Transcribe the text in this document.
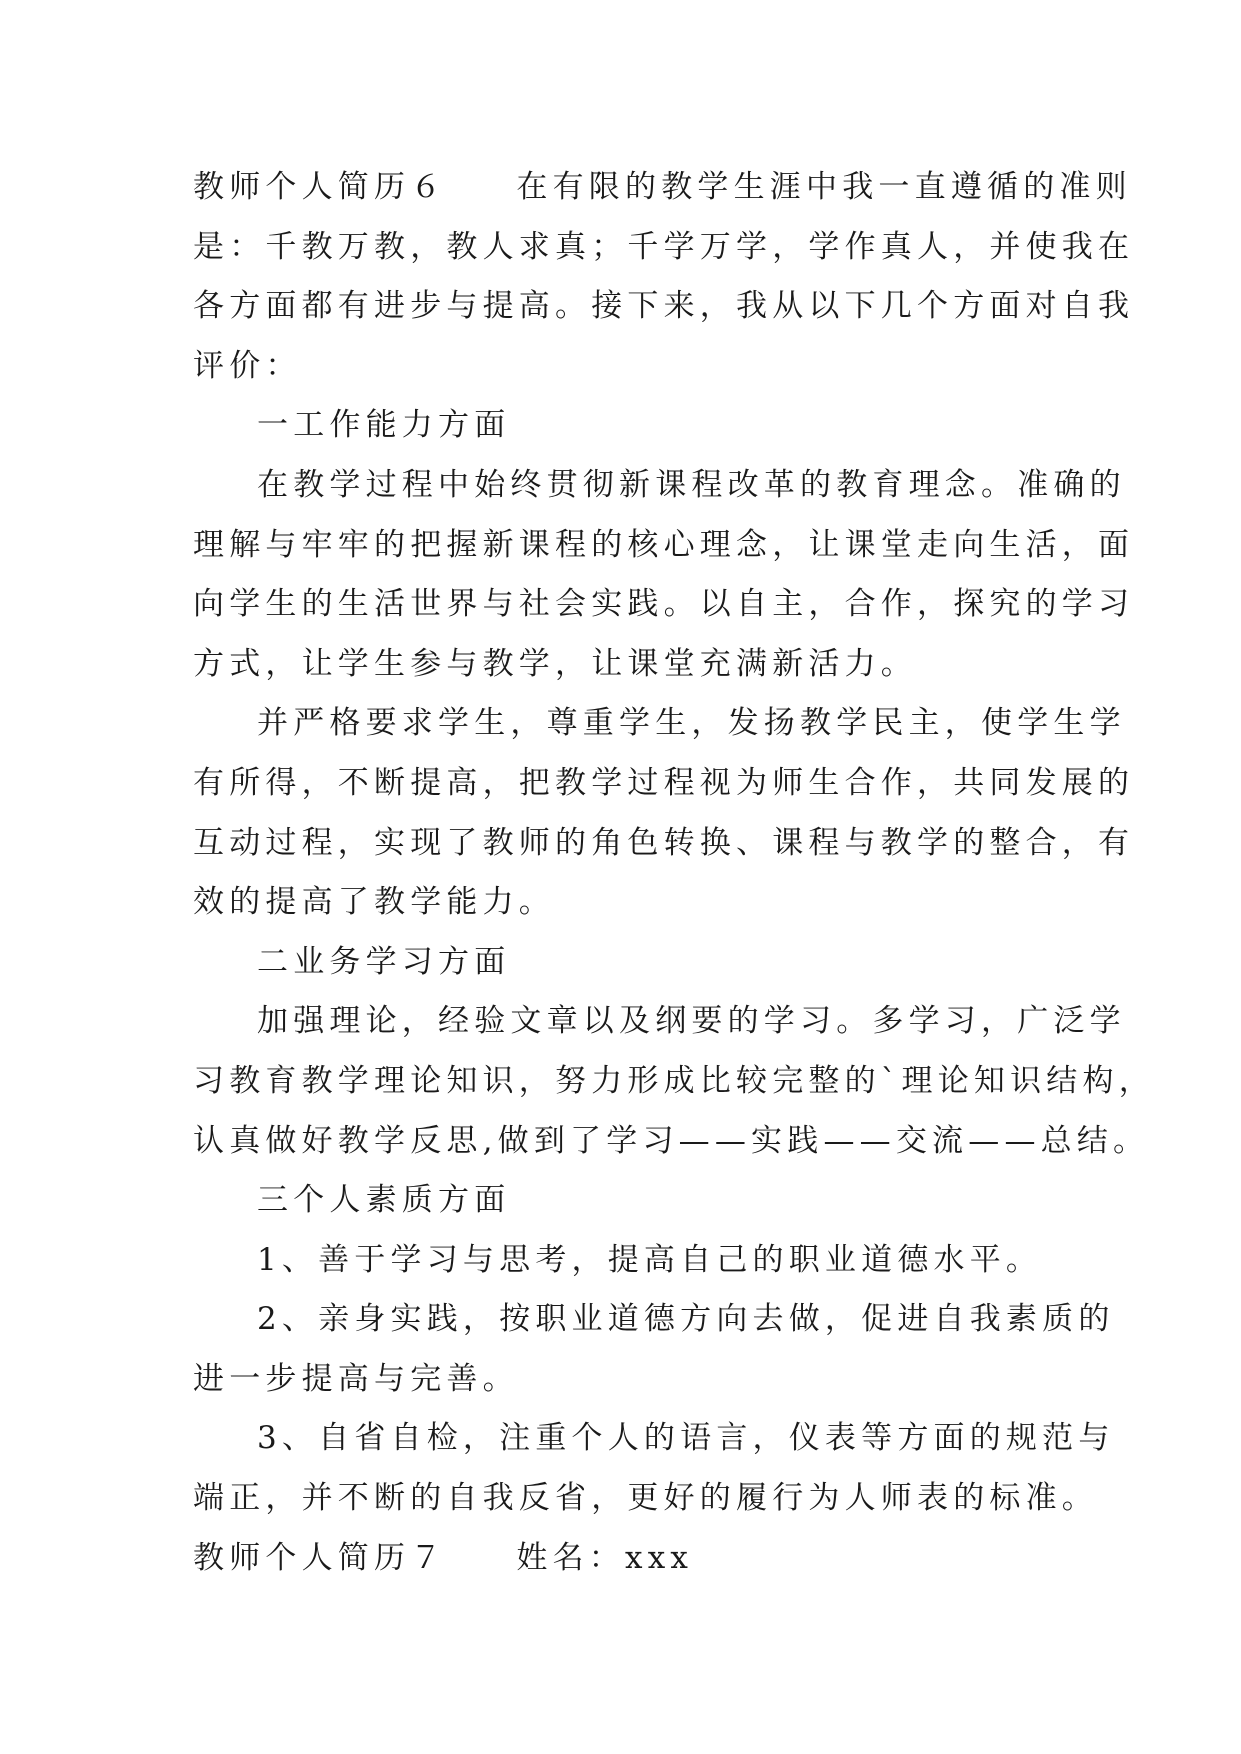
教师个人简历６ 在有限的教学生涯中我一直遵循的准则
是：千教万教，教人求真；千学万学，学作真人，并使我在
各方面都有进步与提高。接下来，我从以下几个方面对自我
评价：
一工作能力方面
在教学过程中始终贯彻新课程改革的教育理念。准确的
理解与牢牢的把握新课程的核心理念，让课堂走向生活，面
向学生的生活世界与社会实践。以自主，合作，探究的学习
方式，让学生参与教学，让课堂充满新活力。
并严格要求学生，尊重学生，发扬教学民主，使学生学
有所得，不断提高，把教学过程视为师生合作，共同发展的
互动过程，实现了教师的角色转换、课程与教学的整合，有
效的提高了教学能力。
二业务学习方面
加强理论，经验文章以及纲要的学习。多学习，广泛学
习教育教学理论知识，努力形成比较完整的`理论知识结构，
认真做好教学反思,做到了学习——实践——交流——总结。
三个人素质方面
1、善于学习与思考，提高自己的职业道德水平。
2、亲身实践，按职业道德方向去做，促进自我素质的
进一步提高与完善。
3、自省自检，注重个人的语言，仪表等方面的规范与
端正，并不断的自我反省，更好的履行为人师表的标准。
教师个人简历７ 姓名：xxx
